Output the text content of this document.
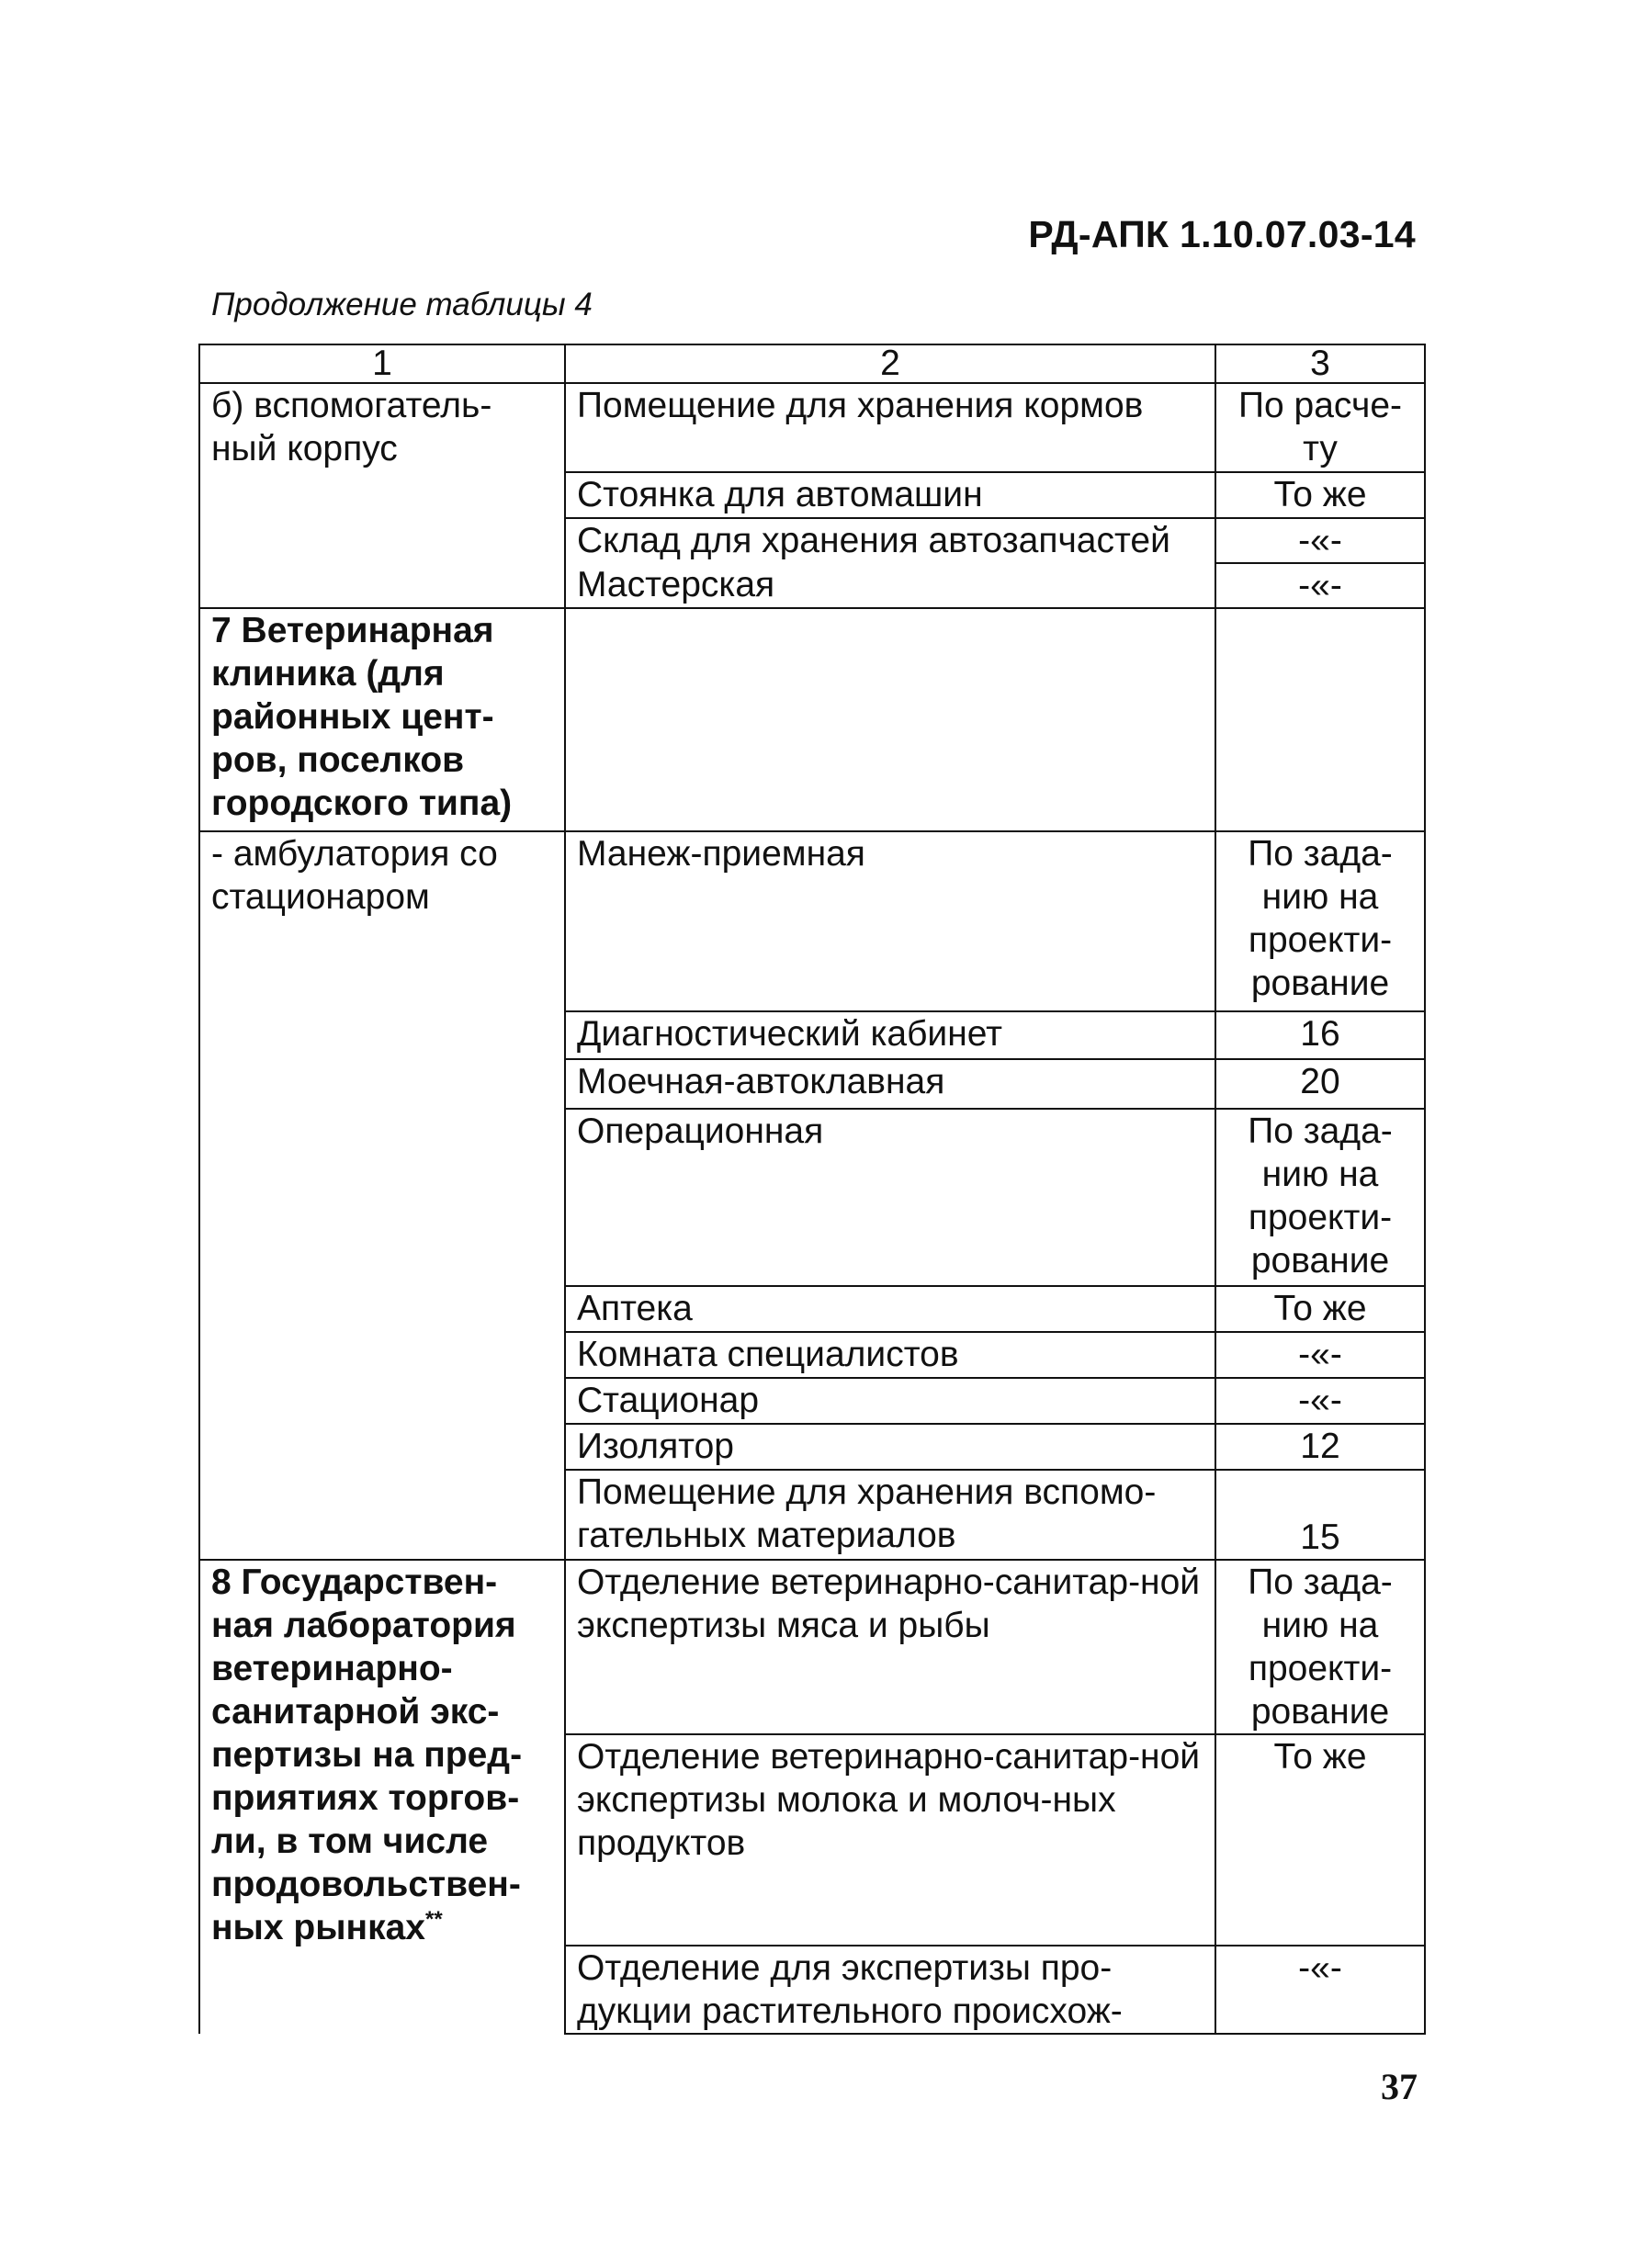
РД-АПК 1.10.07.03-14
Продолжение таблицы 4
1	2	3
б) вспомогатель-ный корпус	Помещение для хранения кормов	По расче-ту
	Стоянка для автомашин	То же
	Склад для хранения автозапчастей	-«-
	Мастерская	-«-
7 Ветеринарная клиника (для районных цент-ров, поселков городского типа)		
- амбулатория со стационаром	Манеж-приемная	По зада-нию на проекти-рование
	Диагностический кабинет	16
	Моечная-автоклавная	20
	Операционная	По зада-нию на проекти-рование
	Аптека	То же
	Комната специалистов	-«-
	Стационар	-«-
	Изолятор	12
	Помещение для хранения вспомо-гательных материалов	15
8 Государствен-ная лаборатория ветеринарно-санитарной экс-пертизы на пред-приятиях торгов-ли, в том числе продовольствен-ных рынках**	Отделение ветеринарно-санитар-ной экспертизы мяса и рыбы	По зада-нию на проекти-рование
	Отделение ветеринарно-санитар-ной экспертизы молока и молоч-ных продуктов	То же
	Отделение для экспертизы про-дукции растительного происхож-	-«-
37
